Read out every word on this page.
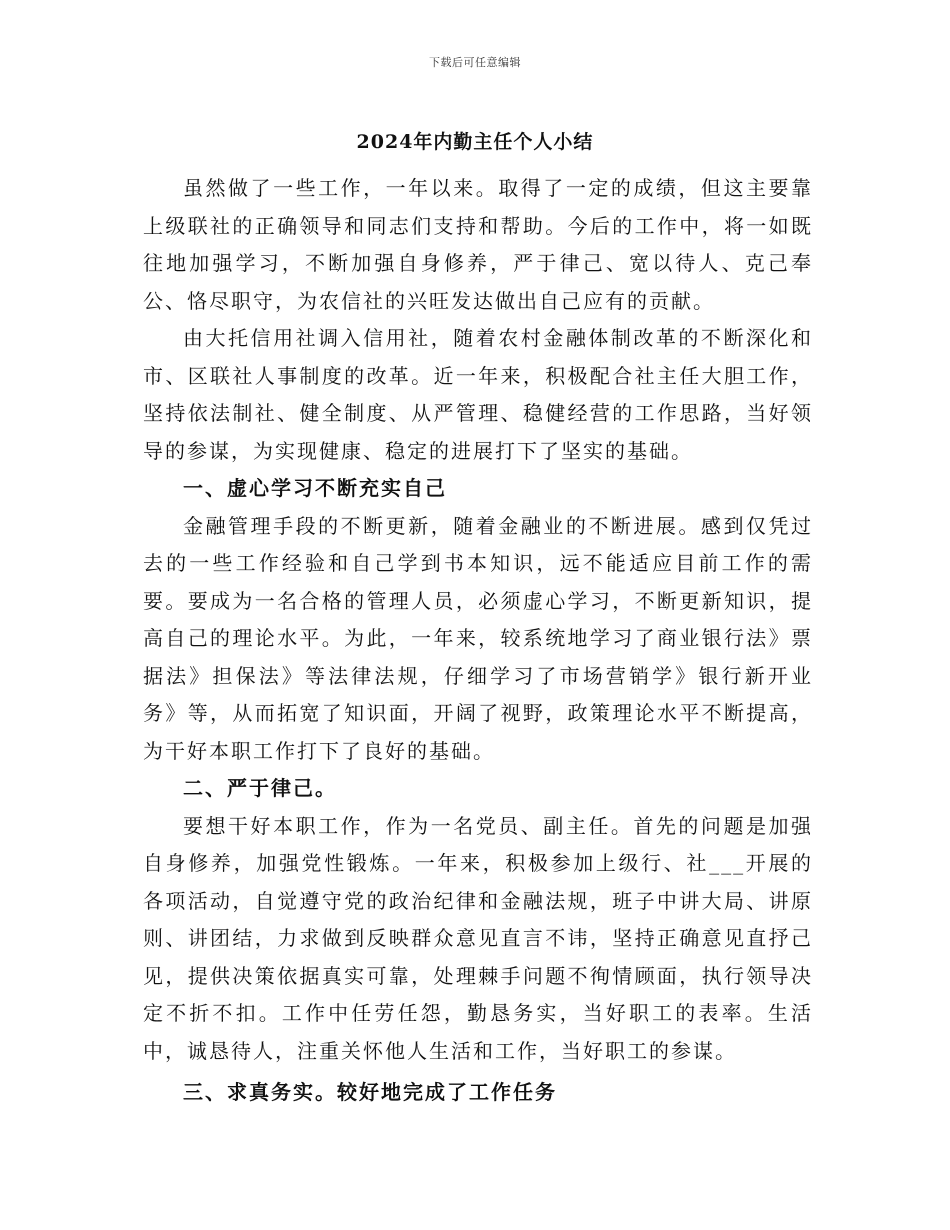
下载后可任意编辑
2024年内勤主任个人小结

虽然做了一些工作，一年以来。取得了一定的成绩，但这主要靠上级联社的正确领导和同志们支持和帮助。今后的工作中，将一如既往地加强学习，不断加强自身修养，严于律己、宽以待人、克己奉公、恪尽职守，为农信社的兴旺发达做出自己应有的贡献。

由大托信用社调入信用社，随着农村金融体制改革的不断深化和市、区联社人事制度的改革。近一年来，积极配合社主任大胆工作，坚持依法制社、健全制度、从严管理、稳健经营的工作思路，当好领导的参谋，为实现健康、稳定的进展打下了坚实的基础。

一、虚心学习不断充实自己

金融管理手段的不断更新，随着金融业的不断进展。感到仅凭过去的一些工作经验和自己学到书本知识，远不能适应目前工作的需要。要成为一名合格的管理人员，必须虚心学习，不断更新知识，提高自己的理论水平。为此，一年来，较系统地学习了商业银行法》票据法》担保法》等法律法规，仔细学习了市场营销学》银行新开业务》等，从而拓宽了知识面，开阔了视野，政策理论水平不断提高，为干好本职工作打下了良好的基础。

二、严于律己。

要想干好本职工作，作为一名党员、副主任。首先的问题是加强自身修养，加强党性锻炼。一年来，积极参加上级行、社___开展的各项活动，自觉遵守党的政治纪律和金融法规，班子中讲大局、讲原则、讲团结，力求做到反映群众意见直言不讳，坚持正确意见直抒己见，提供决策依据真实可靠，处理棘手问题不徇情顾面，执行领导决定不折不扣。工作中任劳任怨，勤恳务实，当好职工的表率。生活中，诚恳待人，注重关怀他人生活和工作，当好职工的参谋。

三、求真务实。较好地完成了工作任务
